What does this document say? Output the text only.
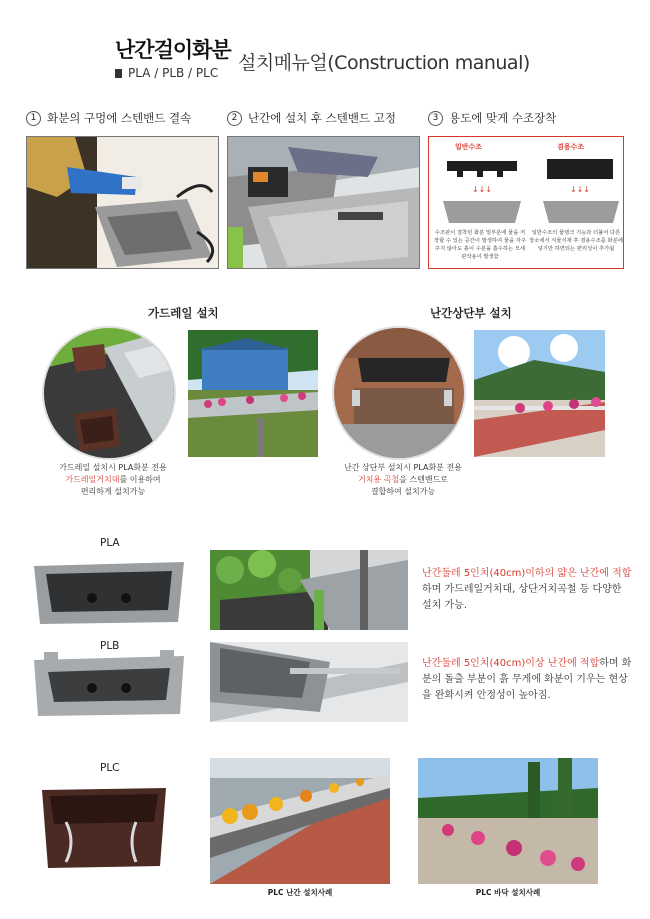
난간걸이화분
PLA / PLB / PLC 설치메뉴얼(Construction manual)
1 화분의 구멍에 스텐밴드 결속	2 난간에 설치 후 스텐밴드 고정	3 용도에 맞게 수조장착
↓↓↓	↓↓↓
일반수조	겸용수조
수조판이 결착된 화분 밑부분에 물을 저장할 수 있는 공간이 발생하여 물을 자주 주지 않아도 흙이 수분을 흡수하는 모세관작용이 발생함
일반수조의 물탱크 기능과 더불어 다른 장소에서 식물식재 후 겸용수조를 화분에 넣기만 하면되는 편리성이 추가됨
가드레일 설치	난간상단부 설치
가드레일 설치시 PLA화분 전용
가드레일거치대를 이용하여
편리하게 설치가능
난간 상단부 설치시 PLA화분 전용
거치용 곡철을 스텐밴드로
결합하여 설치가능
PLA
난간둘레 5인치(40cm)이하의 얇은 난간에 적합하며 가드레일거치대, 상단거치곡철 등 다양한 설치 가능.
PLB
난간둘레 5인치(40cm)이상 난간에 적합하며 화분의 돌출 부분이 흙 무게에 화분이 기우는 현상을 완화시켜 안정성이 높아짐.
PLC
PLC 난간 설치사례	PLC 바닥 설치사례
